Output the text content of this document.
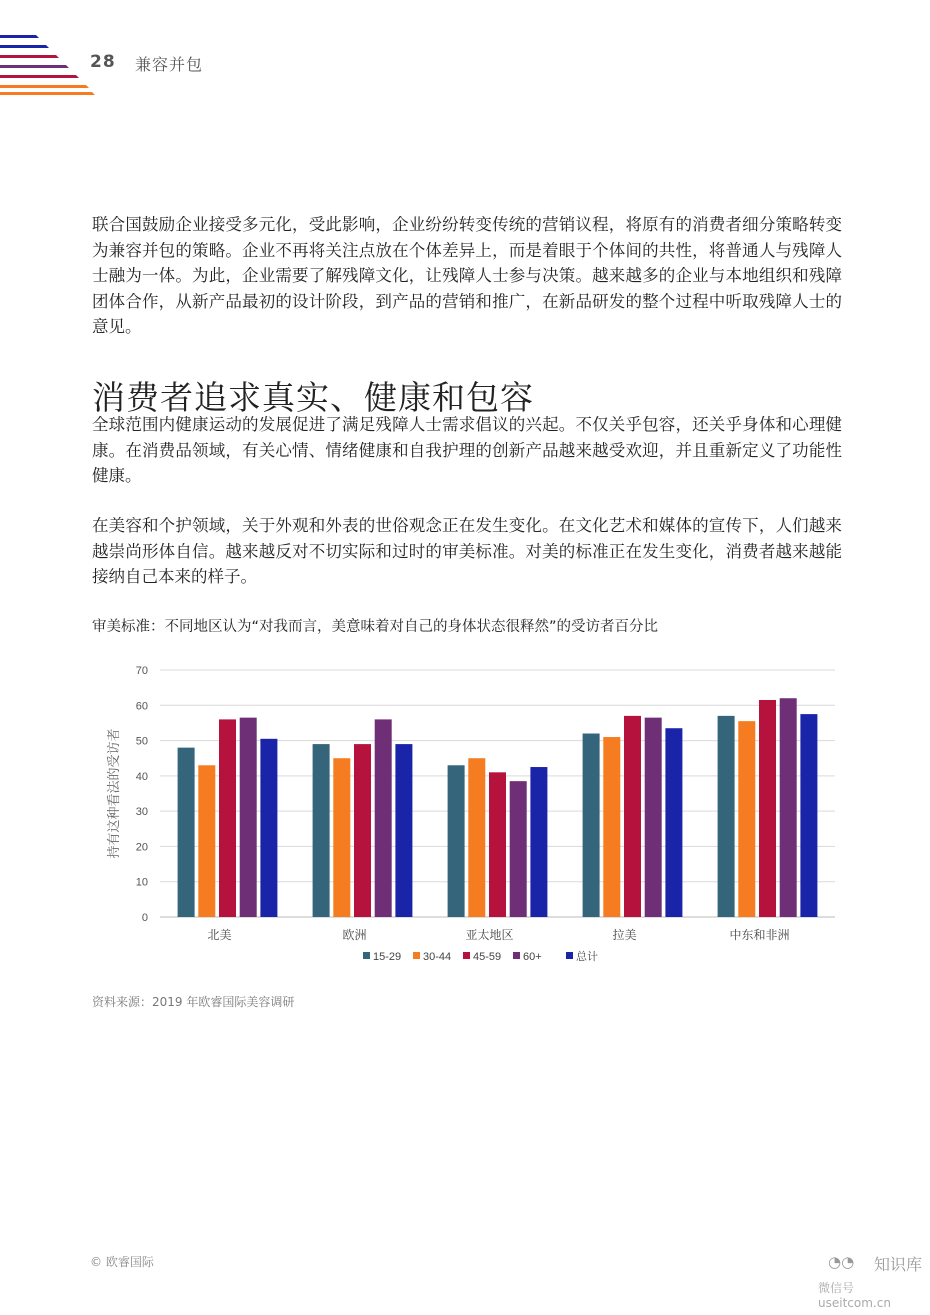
28 兼容并包

联合国鼓励企业接受多元化，受此影响，企业纷纷转变传统的营销议程，将原有的消费者细分策略转变为兼容并包的策略。企业不再将关注点放在个体差异上，而是着眼于个体间的共性，将普通人与残障人士融为一体。为此，企业需要了解残障文化，让残障人士参与决策。越来越多的企业与本地组织和残障团体合作，从新产品最初的设计阶段，到产品的营销和推广，在新品研发的整个过程中听取残障人士的意见。

消费者追求真实、健康和包容

全球范围内健康运动的发展促进了满足残障人士需求倡议的兴起。不仅关乎包容，还关乎身体和心理健康。在消费品领域，有关心情、情绪健康和自我护理的创新产品越来越受欢迎，并且重新定义了功能性健康。

在美容和个护领域，关于外观和外表的世俗观念正在发生变化。在文化艺术和媒体的宣传下，人们越来越崇尚形体自信。越来越反对不切实际和过时的审美标准。对美的标准正在发生变化，消费者越来越能接纳自己本来的样子。

审美标准：不同地区认为“对我而言，美意味着对自己的身体状态很释然”的受访者百分比
0
10
20
30
40
50
60
70
持有这种看法的受访者
北美	欧洲	亚太地区	拉美	中东和非洲
15-29 30-44 45-59 60+	总计
资料来源：2019 年欧睿国际美容调研
© 欧睿国际	◔◔ 知识库
微信号 useitcom.cn
